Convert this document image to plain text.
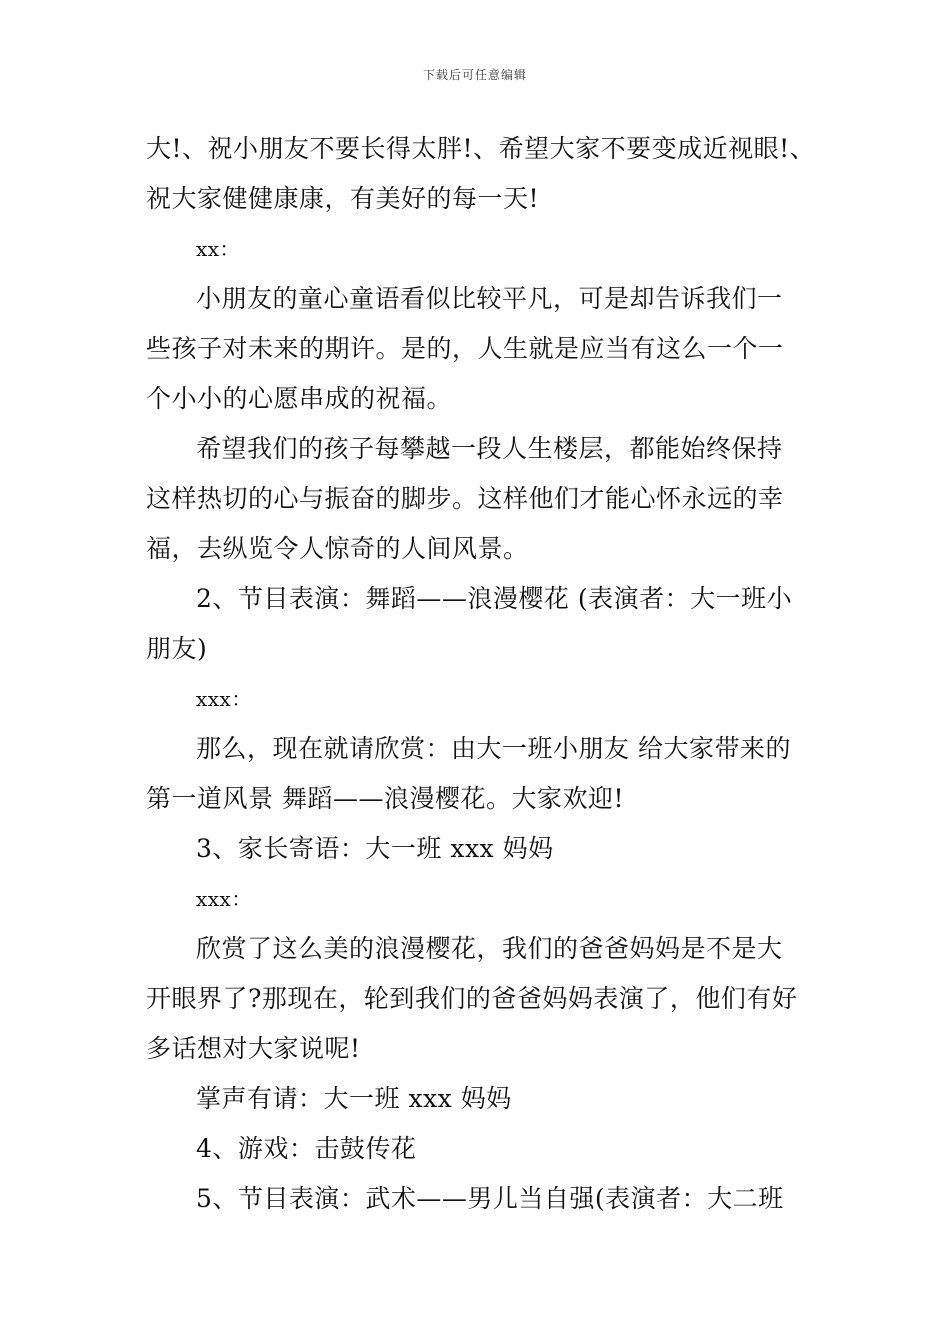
下载后可任意编辑
大!、祝小朋友不要长得太胖!、希望大家不要变成近视眼!、
祝大家健健康康，有美好的每一天!
xx：
小朋友的童心童语看似比较平凡，可是却告诉我们一
些孩子对未来的期许。是的，人生就是应当有这么一个一
个小小的心愿串成的祝福。
希望我们的孩子每攀越一段人生楼层，都能始终保持
这样热切的心与振奋的脚步。这样他们才能心怀永远的幸
福，去纵览令人惊奇的人间风景。
2、节目表演：舞蹈——浪漫樱花 (表演者：大一班小
朋友)
xxx：
那么，现在就请欣赏：由大一班小朋友 给大家带来的
第一道风景 舞蹈——浪漫樱花。大家欢迎!
3、家长寄语：大一班 xxx 妈妈
xxx：
欣赏了这么美的浪漫樱花，我们的爸爸妈妈是不是大
开眼界了?那现在，轮到我们的爸爸妈妈表演了，他们有好
多话想对大家说呢!
掌声有请：大一班 xxx 妈妈
4、游戏：击鼓传花
5、节目表演：武术——男儿当自强(表演者：大二班
